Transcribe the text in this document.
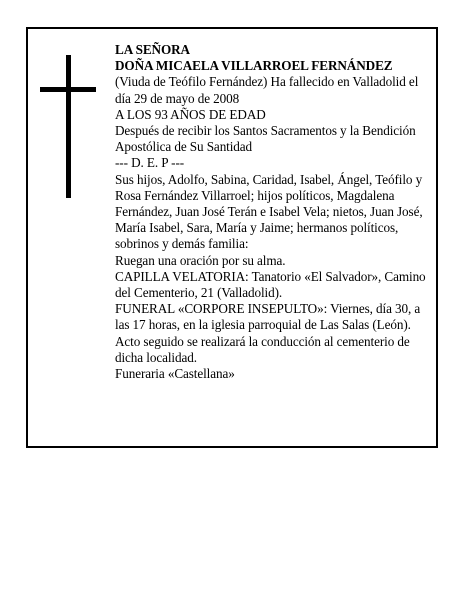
LA SEÑORA

DOÑA MICAELA VILLARROEL FERNÁNDEZ

(Viuda de Teófilo Fernández) Ha fallecido en Valladolid el día 29 de mayo de 2008

A LOS 93 AÑOS DE EDAD

Después de recibir los Santos Sacramentos y la Bendición Apostólica de Su Santidad

--- D. E. P ---

Sus hijos, Adolfo, Sabina, Caridad, Isabel, Ángel, Teófilo y Rosa Fernández Villarroel; hijos políticos, Magdalena Fernández, Juan José Terán e Isabel Vela; nietos, Juan José, María Isabel, Sara, María y Jaime; hermanos políticos, sobrinos y demás familia:

Ruegan una oración por su alma.

CAPILLA VELATORIA: Tanatorio «El Salvador», Camino del Cementerio, 21 (Valladolid).

FUNERAL «CORPORE INSEPULTO»: Viernes, día 30, a las 17 horas, en la iglesia parroquial de Las Salas (León). Acto seguido se realizará la conducción al cementerio de dicha localidad.

Funeraria «Castellana»
